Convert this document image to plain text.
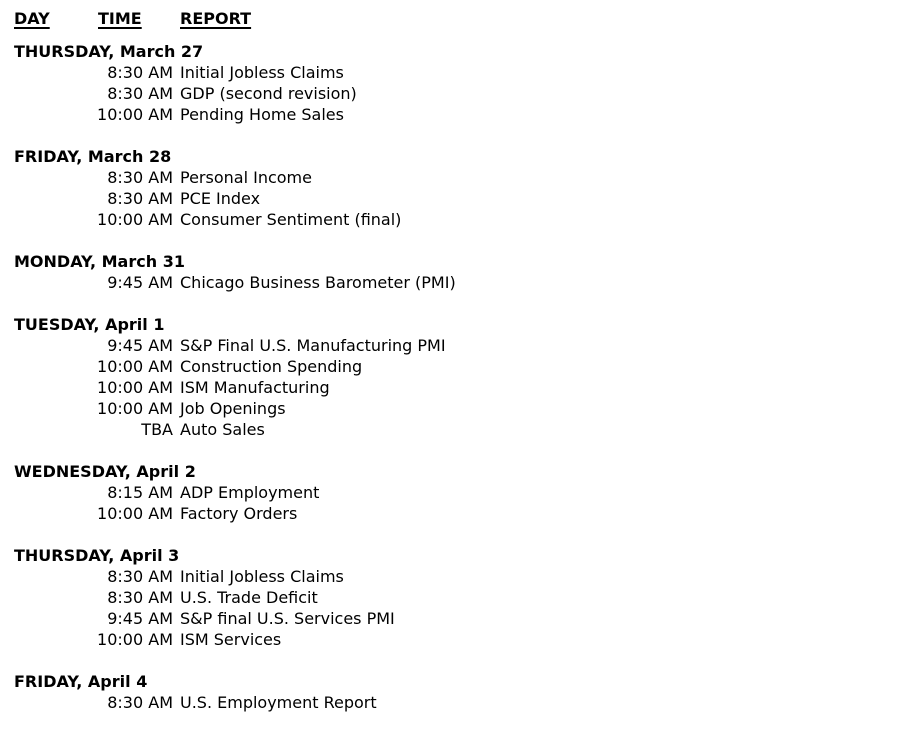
DAY	TIME	REPORT
THURSDAY, March 27
8:30 AM Initial Jobless Claims
8:30 AM GDP (second revision)
10:00 AM Pending Home Sales
FRIDAY, March 28
8:30 AM Personal Income
8:30 AM PCE Index
10:00 AM Consumer Sentiment (final)
MONDAY, March 31
9:45 AM Chicago Business Barometer (PMI)
TUESDAY, April 1
9:45 AM S&P Final U.S. Manufacturing PMI
10:00 AM Construction Spending
10:00 AM ISM Manufacturing
10:00 AM Job Openings
TBA Auto Sales
WEDNESDAY, April 2
8:15 AM ADP Employment
10:00 AM Factory Orders
THURSDAY, April 3
8:30 AM Initial Jobless Claims
8:30 AM U.S. Trade Deficit
9:45 AM S&P final U.S. Services PMI
10:00 AM ISM Services
FRIDAY, April 4
8:30 AM U.S. Employment Report
